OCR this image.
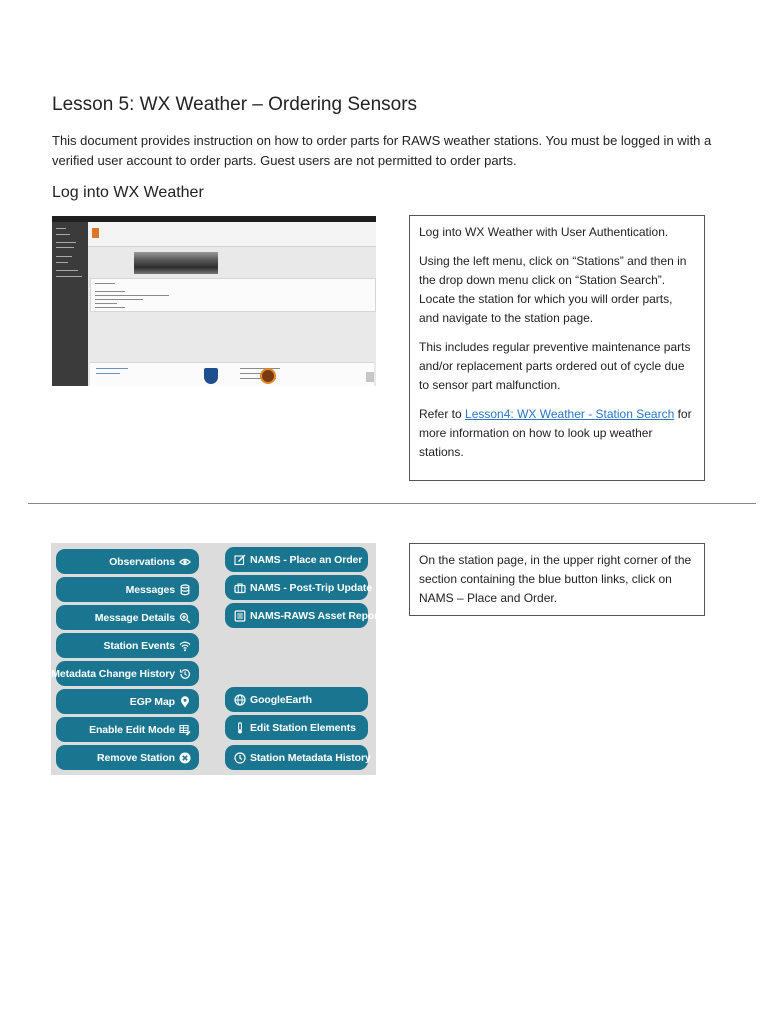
Lesson 5: WX Weather – Ordering Sensors
This document provides instruction on how to order parts for RAWS weather stations. You must be logged in with a verified user account to order parts. Guest users are not permitted to order parts.
Log into WX Weather

Log into WX Weather with User Authentication.

Using the left menu, click on “Stations” and then in the drop down menu click on “Station Search”. Locate the station for which you will order parts, and navigate to the station page.

This includes regular preventive maintenance parts and/or replacement parts ordered out of cycle due to sensor part malfunction.

Refer to Lesson4: WX Weather - Station Search for more information on how to look up weather stations.

Observations
Messages
Message Details
Station Events
Metadata Change History
EGP Map
Enable Edit Mode
Remove Station
NAMS - Place an Order
NAMS - Post-Trip Update
NAMS-RAWS Asset Report
GoogleEarth
Edit Station Elements
Station Metadata History

On the station page, in the upper right corner of the section containing the blue button links, click on NAMS – Place and Order.
